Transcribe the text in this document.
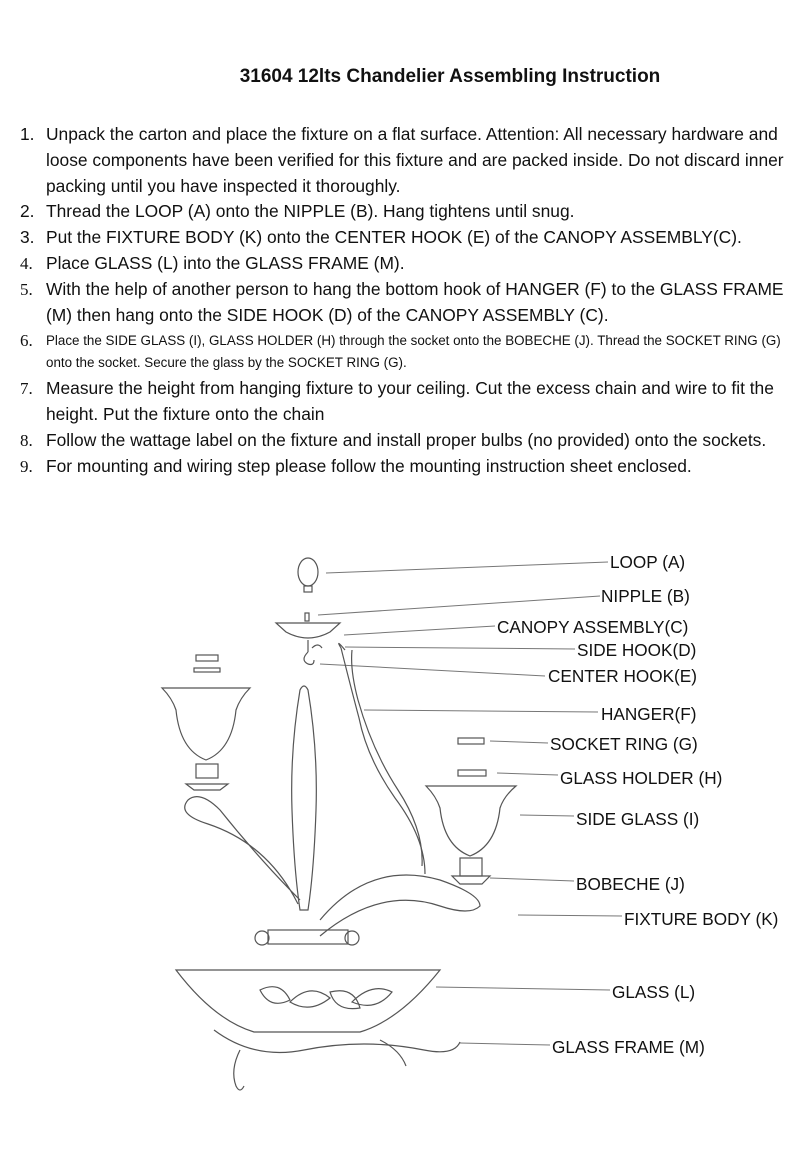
31604 12lts Chandelier Assembling Instruction
1. Unpack the carton and place the fixture on a flat surface. Attention: All necessary hardware and loose components have been verified for this fixture and are packed inside. Do not discard inner packing until you have inspected it thoroughly.
2. Thread the LOOP (A) onto the NIPPLE (B). Hang tightens until snug.
3. Put the FIXTURE BODY (K) onto the CENTER HOOK (E) of the CANOPY ASSEMBLY(C).
4. Place GLASS (L) into the GLASS FRAME (M).
5. With the help of another person to hang the bottom hook of HANGER (F) to the GLASS FRAME (M) then hang onto the SIDE HOOK (D) of the CANOPY ASSEMBLY (C).
6. Place the SIDE GLASS (I), GLASS HOLDER (H) through the socket onto the BOBECHE (J). Thread the SOCKET RING (G) onto the socket. Secure the glass by the SOCKET RING (G).
7. Measure the height from hanging fixture to your ceiling. Cut the excess chain and wire to fit the height. Put the fixture onto the chain
8. Follow the wattage label on the fixture and install proper bulbs (no provided) onto the sockets.
9. For mounting and wiring step please follow the mounting instruction sheet enclosed.
LOOP (A)
NIPPLE (B)
CANOPY ASSEMBLY(C)
SIDE HOOK(D)
CENTER HOOK(E)
HANGER(F)
SOCKET RING (G)
GLASS HOLDER (H)
SIDE GLASS (I)
BOBECHE (J)
FIXTURE BODY (K)
GLASS (L)
GLASS FRAME (M)
